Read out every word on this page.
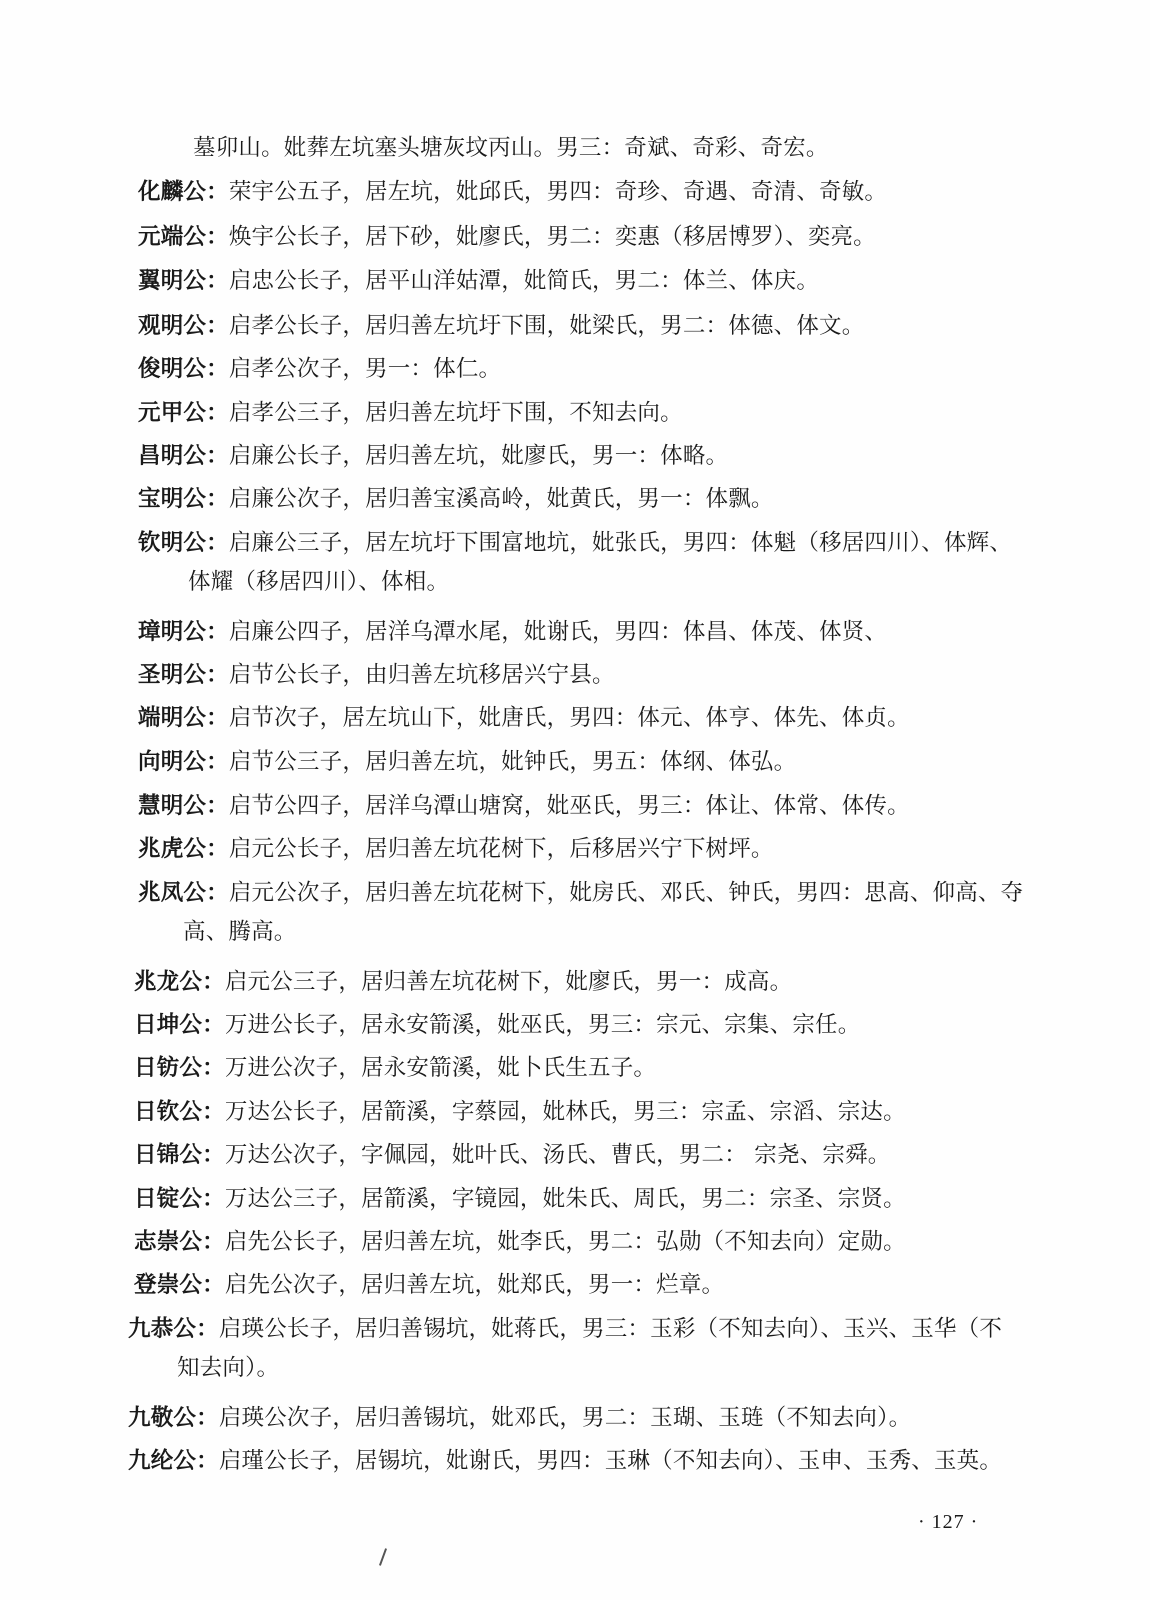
墓卯山。妣葬左坑塞头塘灰坟丙山。男三：奇斌、奇彩、奇宏。
化麟公：荣宇公五子，居左坑，妣邱氏，男四：奇珍、奇遇、奇清、奇敏。
元端公：焕宇公长子，居下砂，妣廖氏，男二：奕惠（移居博罗）、奕亮。
翼明公：启忠公长子，居平山洋姑潭，妣简氏，男二：体兰、体庆。
观明公：启孝公长子，居归善左坑圩下围，妣梁氏，男二：体德、体文。
俊明公：启孝公次子，男一：体仁。
元甲公：启孝公三子，居归善左坑圩下围，不知去向。
昌明公：启廉公长子，居归善左坑，妣廖氏，男一：体略。
宝明公：启廉公次子，居归善宝溪高岭，妣黄氏，男一：体飘。
钦明公：启廉公三子，居左坑圩下围富地坑，妣张氏，男四：体魁（移居四川）、体辉、
体耀（移居四川）、体相。
璋明公：启廉公四子，居洋乌潭水尾，妣谢氏，男四：体昌、体茂、体贤、
圣明公：启节公长子，由归善左坑移居兴宁县。
端明公：启节次子，居左坑山下，妣唐氏，男四：体元、体亨、体先、体贞。
向明公：启节公三子，居归善左坑，妣钟氏，男五：体纲、体弘。
慧明公：启节公四子，居洋乌潭山塘窝，妣巫氏，男三：体让、体常、体传。
兆虎公：启元公长子，居归善左坑花树下，后移居兴宁下树坪。
兆凤公：启元公次子，居归善左坑花树下，妣房氏、邓氏、钟氏，男四：思高、仰高、夺
高、腾高。
兆龙公：启元公三子，居归善左坑花树下，妣廖氏，男一：成高。
日坤公：万进公长子，居永安箭溪，妣巫氏，男三：宗元、宗集、宗任。
日钫公：万进公次子，居永安箭溪，妣卜氏生五子。
日钦公：万达公长子，居箭溪，字蔡园，妣林氏，男三：宗孟、宗滔、宗达。
日锦公：万达公次子，字佩园，妣叶氏、汤氏、曹氏，男二： 宗尧、宗舜。
日锭公：万达公三子，居箭溪，字镜园，妣朱氏、周氏，男二：宗圣、宗贤。
志崇公：启先公长子，居归善左坑，妣李氏，男二：弘勋（不知去向）定勋。
登崇公：启先公次子，居归善左坑，妣郑氏，男一：烂章。
九恭公：启瑛公长子，居归善锡坑，妣蒋氏，男三：玉彩（不知去向）、玉兴、玉华（不
知去向）。
九敬公：启瑛公次子，居归善锡坑，妣邓氏，男二：玉瑚、玉琏（不知去向）。
九纶公：启瑾公长子，居锡坑，妣谢氏，男四：玉琳（不知去向）、玉申、玉秀、玉英。
· 127 ·
